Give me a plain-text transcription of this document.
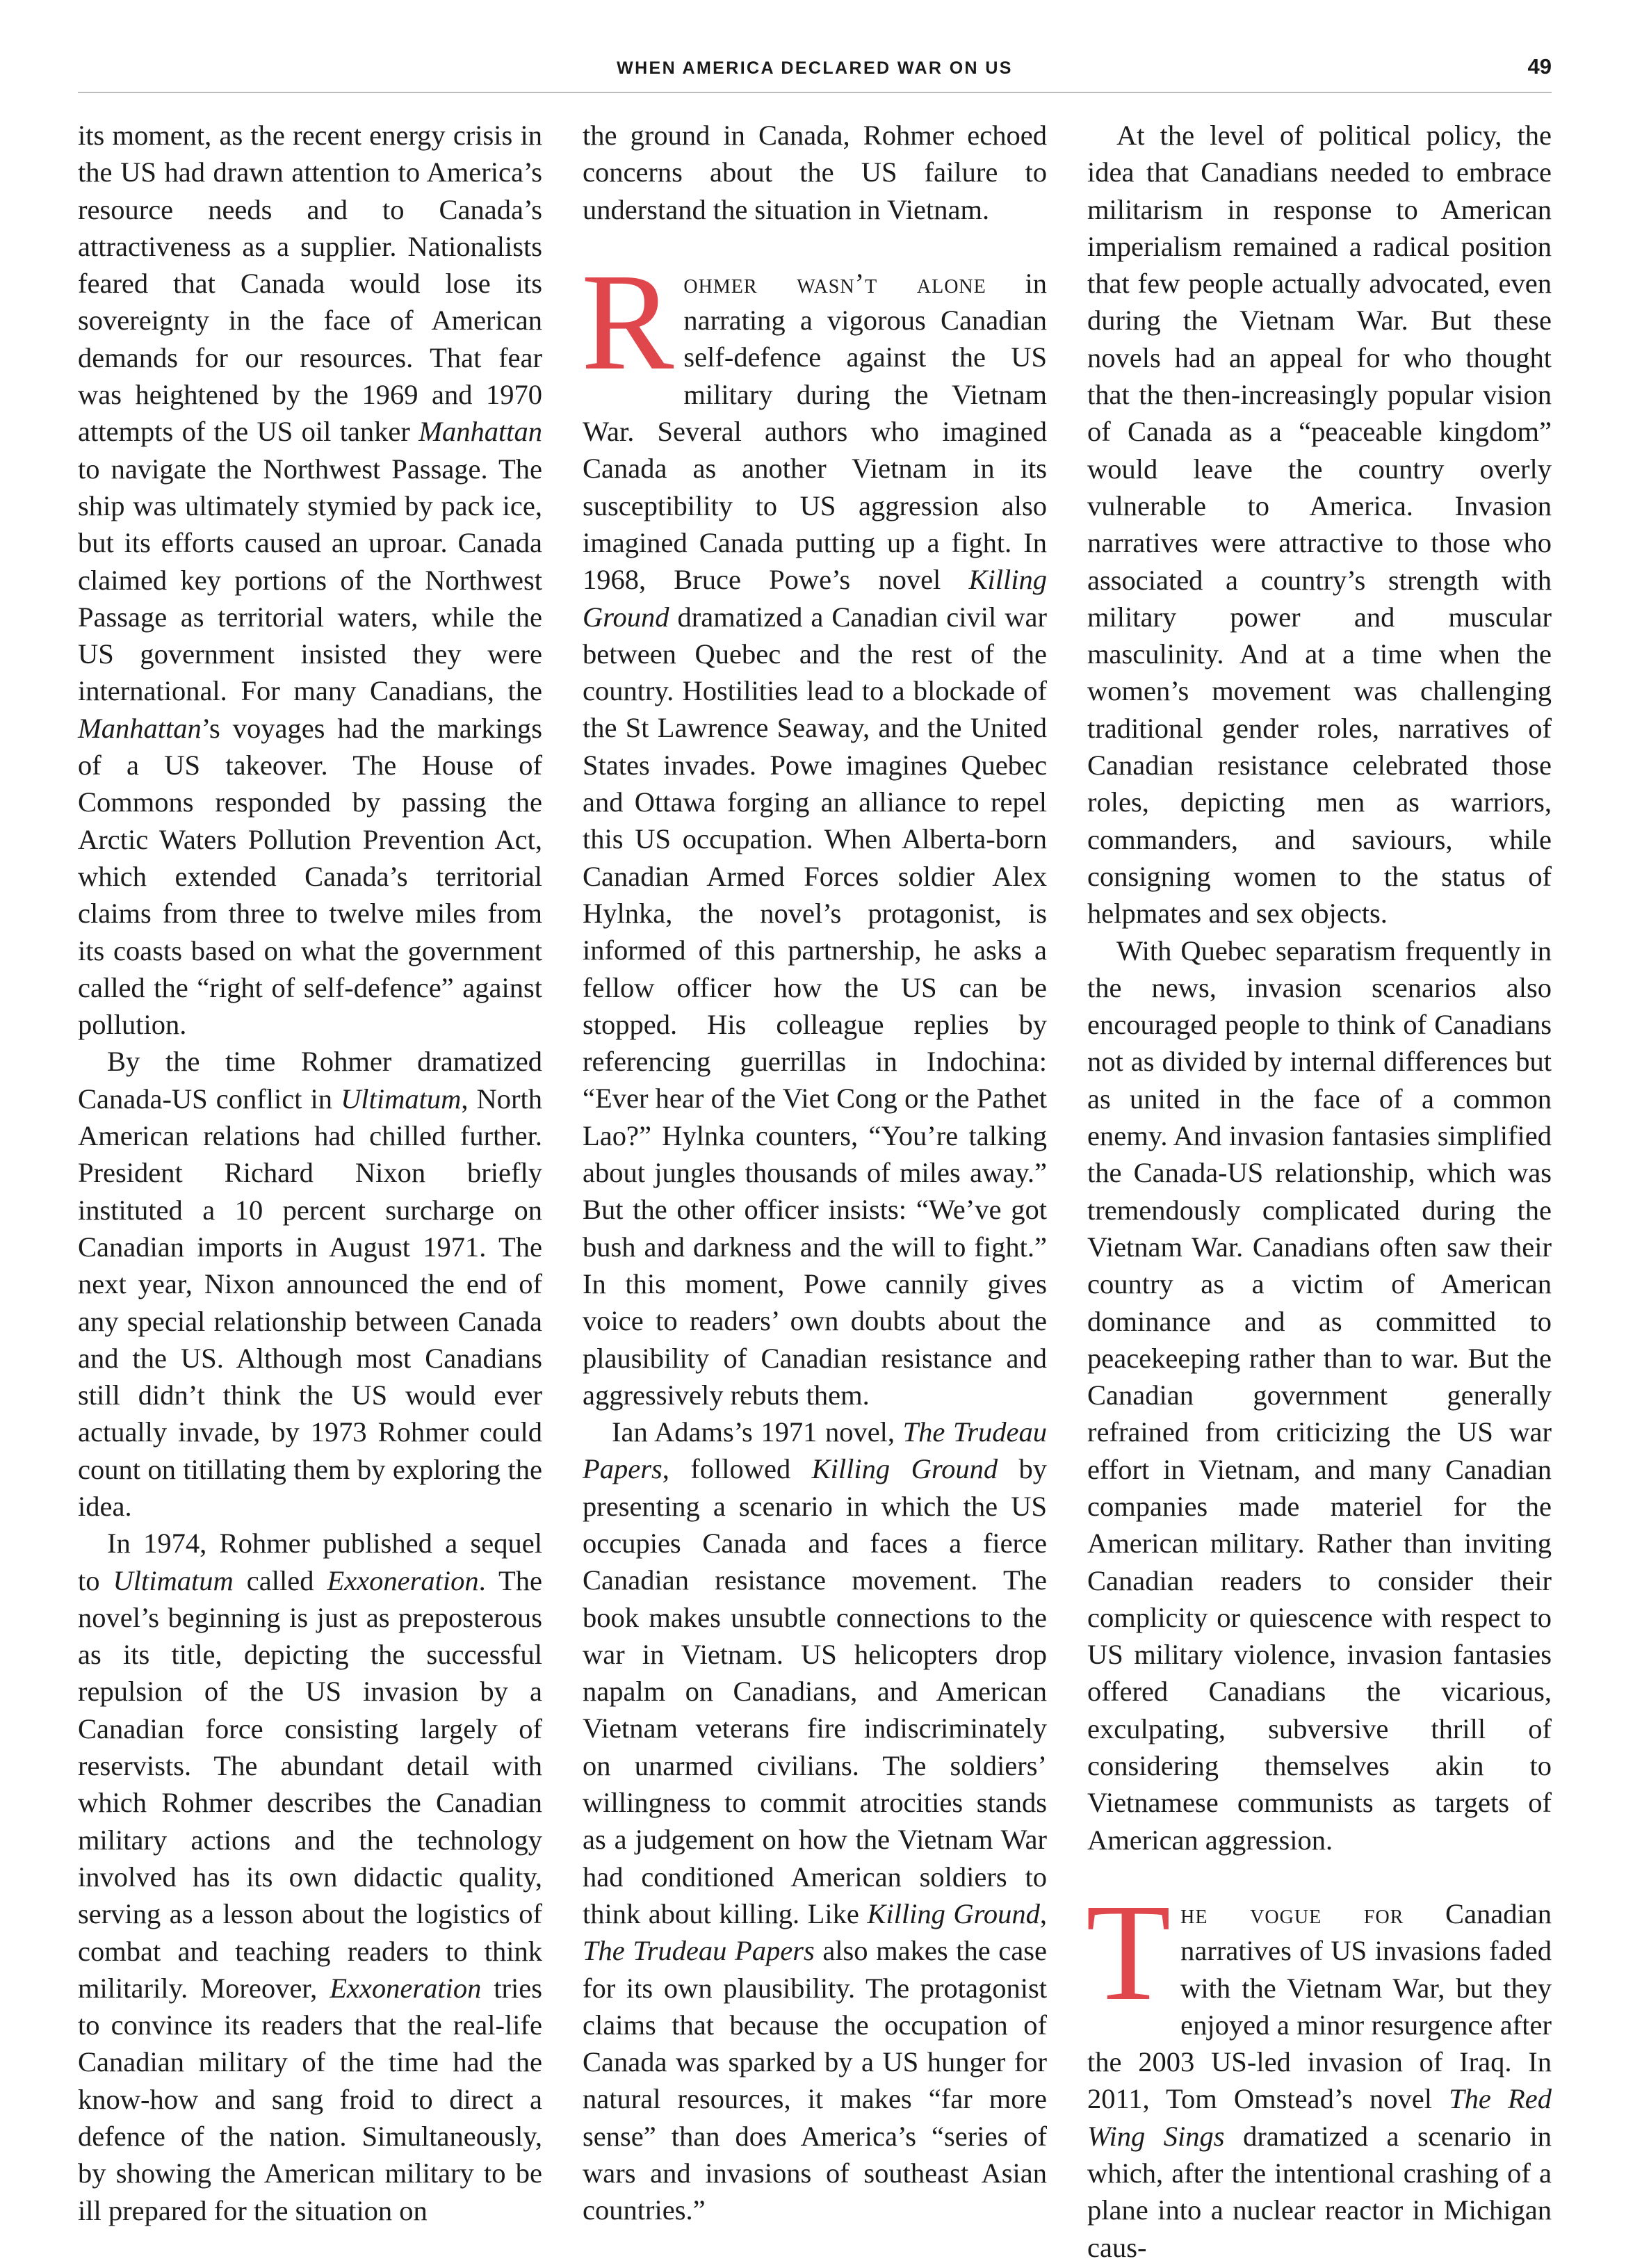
WHEN AMERICA DECLARED WAR ON US	49

its moment, as the recent energy crisis in the US had drawn attention to America’s resource needs and to Canada’s attractiveness as a supplier. Nationalists feared that Canada would lose its sovereignty in the face of American demands for our resources. That fear was heightened by the 1969 and 1970 attempts of the US oil tanker Manhattan to navigate the Northwest Passage. The ship was ultimately stymied by pack ice, but its efforts caused an uproar. Canada claimed key portions of the Northwest Passage as territorial waters, while the US government insisted they were international. For many Canadians, the Manhattan’s voyages had the markings of a US takeover. The House of Commons responded by passing the Arctic Waters Pollution Prevention Act, which extended Canada’s territorial claims from three to twelve miles from its coasts based on what the government called the “right of self-defence” against pollution.

By the time Rohmer dramatized Canada-US conflict in Ultimatum, North American relations had chilled further. President Richard Nixon briefly instituted a 10 percent surcharge on Canadian imports in August 1971. The next year, Nixon announced the end of any special relationship between Canada and the US. Although most Canadians still didn’t think the US would ever actually invade, by 1973 Rohmer could count on titillating them by exploring the idea.

In 1974, Rohmer published a sequel to Ultimatum called Exxoneration. The novel’s beginning is just as preposterous as its title, depicting the successful repulsion of the US invasion by a Canadian force consisting largely of reservists. The abundant detail with which Rohmer describes the Canadian military actions and the technology involved has its own didactic quality, serving as a lesson about the logistics of combat and teaching readers to think militarily. Moreover, Exxoneration tries to convince its readers that the real-life Canadian military of the time had the know-how and sang froid to direct a defence of the nation. Simultaneously, by showing the American military to be ill prepared for the situation on

the ground in Canada, Rohmer echoed concerns about the US failure to understand the situation in Vietnam.

Rohmer wasn’t alone in narrating a vigorous Canadian self-defence against the US military during the Vietnam War. Several authors who imagined Canada as another Vietnam in its susceptibility to US aggression also imagined Canada putting up a fight. In 1968, Bruce Powe’s novel Killing Ground dramatized a Canadian civil war between Quebec and the rest of the country. Hostilities lead to a blockade of the St Lawrence Seaway, and the United States invades. Powe imagines Quebec and Ottawa forging an alliance to repel this US occupation. When Alberta-born Canadian Armed Forces soldier Alex Hylnka, the novel’s protagonist, is informed of this partnership, he asks a fellow officer how the US can be stopped. His colleague replies by referencing guerrillas in Indochina: “Ever hear of the Viet Cong or the Pathet Lao?” Hylnka counters, “You’re talking about jungles thousands of miles away.” But the other officer insists: “We’ve got bush and darkness and the will to fight.” In this moment, Powe cannily gives voice to readers’ own doubts about the plausibility of Canadian resistance and aggressively rebuts them.

Ian Adams’s 1971 novel, The Trudeau Papers, followed Killing Ground by presenting a scenario in which the US occupies Canada and faces a fierce Canadian resistance movement. The book makes unsubtle connections to the war in Vietnam. US helicopters drop napalm on Canadians, and American Vietnam veterans fire indiscriminately on unarmed civilians. The soldiers’ willingness to commit atrocities stands as a judgement on how the Vietnam War had conditioned American soldiers to think about killing. Like Killing Ground, The Trudeau Papers also makes the case for its own plausibility. The protagonist claims that because the occupation of Canada was sparked by a US hunger for natural resources, it makes “far more sense” than does America’s “series of wars and invasions of southeast Asian countries.”

At the level of political policy, the idea that Canadians needed to embrace militarism in response to American imperialism remained a radical position that few people actually advocated, even during the Vietnam War. But these novels had an appeal for who thought that the then-increasingly popular vision of Canada as a “peaceable kingdom” would leave the country overly vulnerable to America. Invasion narratives were attractive to those who associated a country’s strength with military power and muscular masculinity. And at a time when the women’s movement was challenging traditional gender roles, narratives of Canadian resistance celebrated those roles, depicting men as warriors, commanders, and saviours, while consigning women to the status of helpmates and sex objects.

With Quebec separatism frequently in the news, invasion scenarios also encouraged people to think of Canadians not as divided by internal differences but as united in the face of a common enemy. And invasion fantasies simplified the Canada-US relationship, which was tremendously complicated during the Vietnam War. Canadians often saw their country as a victim of American dominance and as committed to peacekeeping rather than to war. But the Canadian government generally refrained from criticizing the US war effort in Vietnam, and many Canadian companies made materiel for the American military. Rather than inviting Canadian readers to consider their complicity or quiescence with respect to US military violence, invasion fantasies offered Canadians the vicarious, exculpating, subversive thrill of considering themselves akin to Vietnamese communists as targets of American aggression.

The vogue for Canadian narratives of US invasions faded with the Vietnam War, but they enjoyed a minor resurgence after the 2003 US-led invasion of Iraq. In 2011, Tom Omstead’s novel The Red Wing Sings dramatized a scenario in which, after the intentional crashing of a plane into a nuclear reactor in Michigan caus-
